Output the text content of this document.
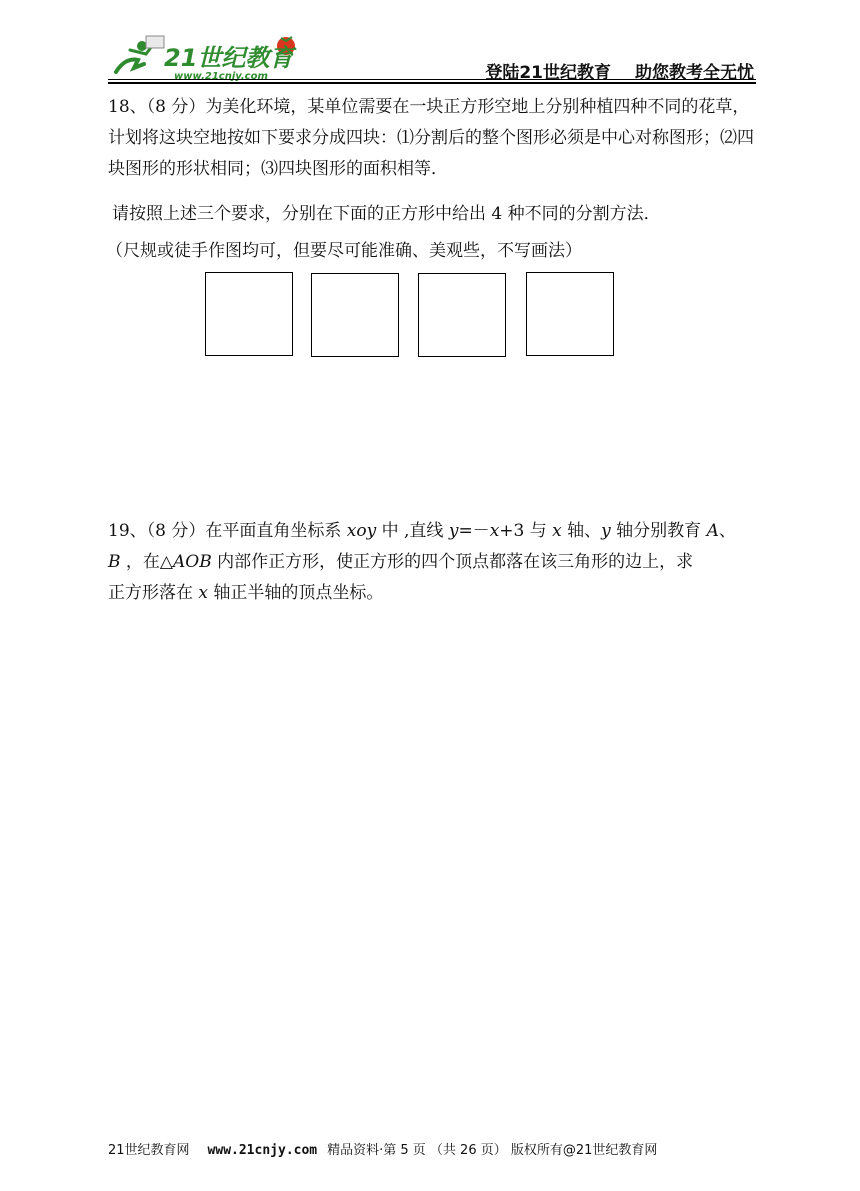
21世纪教育
www.21cnjy.com	登陆21世纪教育 助您教考全无忧

18、（8 分）为美化环境，某单位需要在一块正方形空地上分别种植四种不同的花草，计划将这块空地按如下要求分成四块：⑴分割后的整个图形必须是中心对称图形；⑵四块图形的形状相同；⑶四块图形的面积相等．

请按照上述三个要求，分别在下面的正方形中给出 4 种不同的分割方法．

（尺规或徒手作图均可，但要尽可能准确、美观些，不写画法）

19、（8 分）在平面直角坐标系 xoy 中 ,直线 y=－x+3 与 x 轴、y 轴分别教育 A、
B ，在△AOB 内部作正方形，使正方形的四个顶点都落在该三角形的边上，求
正方形落在 x 轴正半轴的顶点坐标。
21世纪教育网 www.21cnjy.com 精品资料·第 5 页 （共 26 页） 版权所有@21世纪教育网
